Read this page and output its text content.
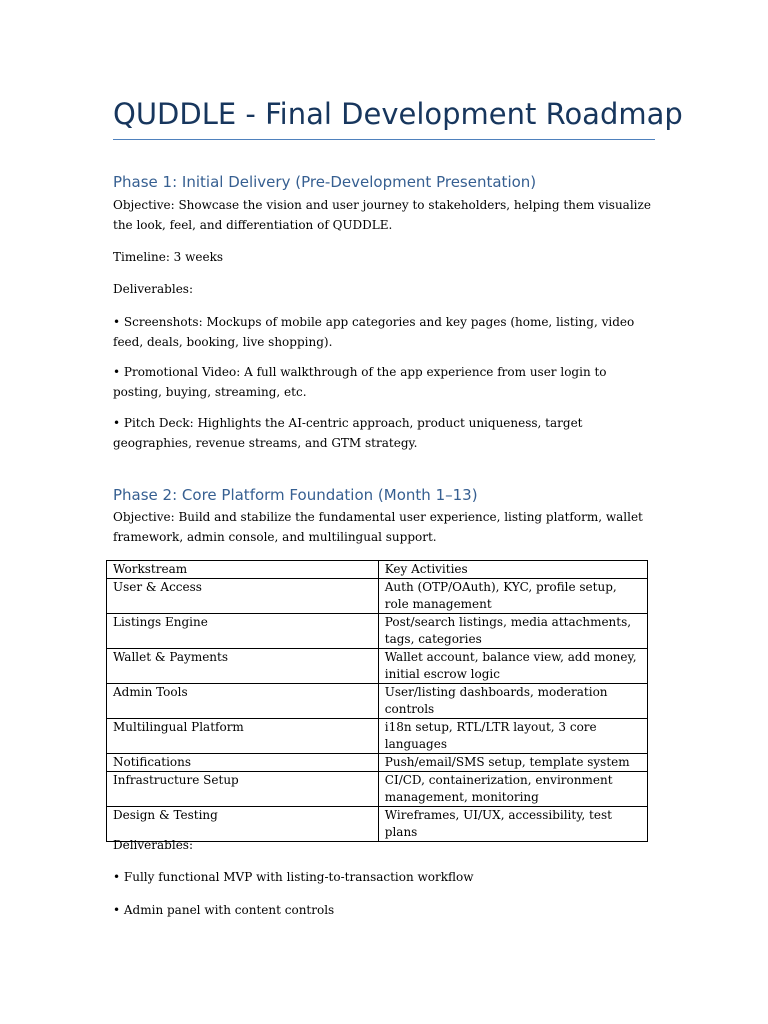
QUDDLE - Final Development Roadmap
Phase 1: Initial Delivery (Pre-Development Presentation)
Objective: Showcase the vision and user journey to stakeholders, helping them visualize the look, feel, and differentiation of QUDDLE.
Timeline: 3 weeks
Deliverables:
• Screenshots: Mockups of mobile app categories and key pages (home, listing, video feed, deals, booking, live shopping).
• Promotional Video: A full walkthrough of the app experience from user login to posting, buying, streaming, etc.
• Pitch Deck: Highlights the AI-centric approach, product uniqueness, target geographies, revenue streams, and GTM strategy.
Phase 2: Core Platform Foundation (Month 1–13)
Objective: Build and stabilize the fundamental user experience, listing platform, wallet framework, admin console, and multilingual support.
Workstream	Key Activities
User & Access	Auth (OTP/OAuth), KYC, profile setup, role management
Listings Engine	Post/search listings, media attachments, tags, categories
Wallet & Payments	Wallet account, balance view, add money, initial escrow logic
Admin Tools	User/listing dashboards, moderation controls
Multilingual Platform	i18n setup, RTL/LTR layout, 3 core languages
Notifications	Push/email/SMS setup, template system
Infrastructure Setup	CI/CD, containerization, environment management, monitoring
Design & Testing	Wireframes, UI/UX, accessibility, test plans
Deliverables:
• Fully functional MVP with listing-to-transaction workflow
• Admin panel with content controls
